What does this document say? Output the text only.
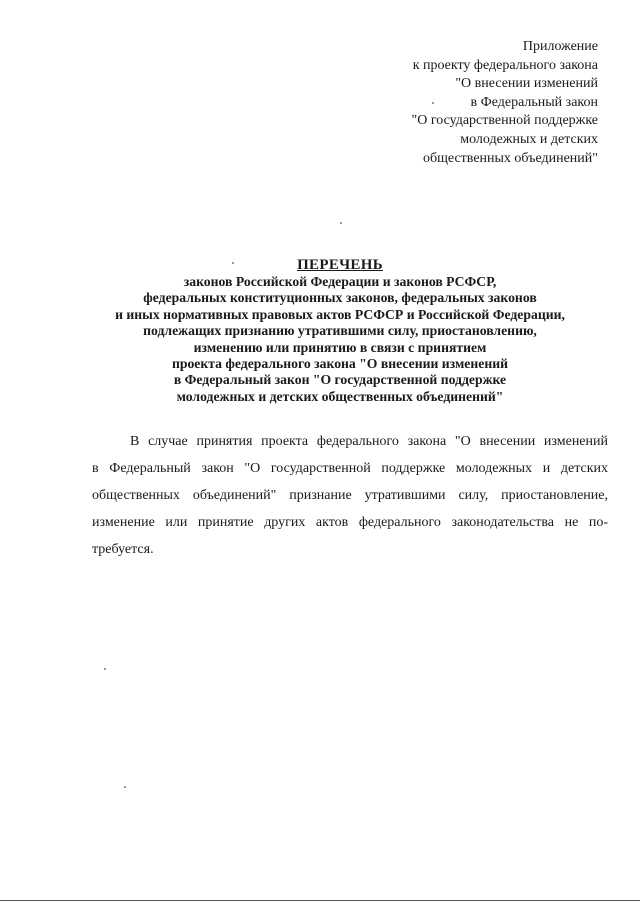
Приложение
к проекту федерального закона
"О внесении изменений
в Федеральный закон
"О государственной поддержке
молодежных и детских
общественных объединений"
ПЕРЕЧЕНЬ
законов Российской Федерации и законов РСФСР,
федеральных конституционных законов, федеральных законов
и иных нормативных правовых актов РСФСР и Российской Федерации,
подлежащих признанию утратившими силу, приостановлению,
изменению или принятию в связи с принятием
проекта федерального закона "О внесении изменений
в Федеральный закон "О государственной поддержке
молодежных и детских общественных объединений"
В случае принятия проекта федерального закона "О внесении изменений
в Федеральный закон "О государственной поддержке молодежных и детских
общественных объединений" признание утратившими силу, приостановление,
изменение или принятие других актов федерального законодательства не по-
требуется.
